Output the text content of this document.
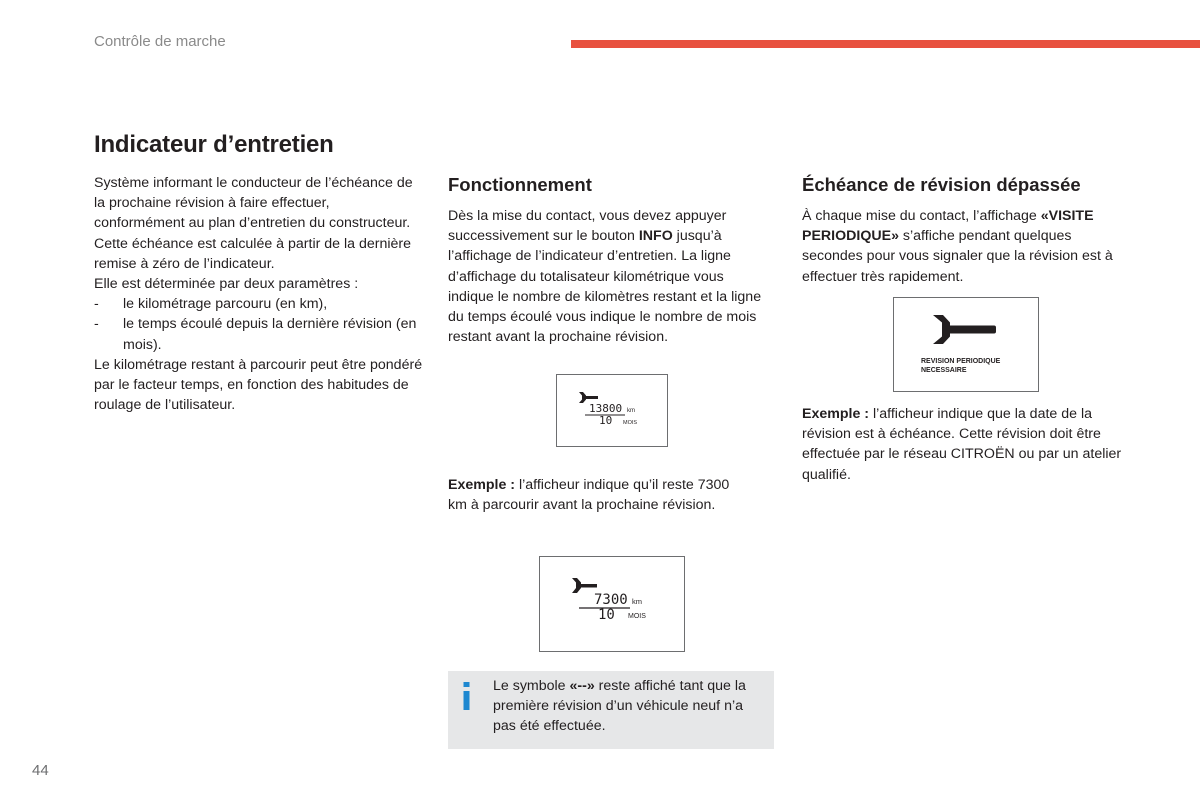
Contrôle de marche
Indicateur d’entretien

Système informant le conducteur de l’échéance de la prochaine révision à faire effectuer, conformément au plan d’entretien du constructeur.

Cette échéance est calculée à partir de la dernière remise à zéro de l’indicateur.

Elle est déterminée par deux paramètres :

-	le kilométrage parcouru (en km),
-	le temps écoulé depuis la dernière révision (en mois).

Le kilométrage restant à parcourir peut être pondéré par le facteur temps, en fonction des habitudes de roulage de l’utilisateur.

Fonctionnement

Dès la mise du contact, vous devez appuyer successivement sur le bouton INFO jusqu’à l’affichage de l’indicateur d’entretien. La ligne d’affichage du totalisateur kilométrique vous indique le nombre de kilomètres restant et la ligne du temps écoulé vous indique le nombre de mois restant avant la prochaine révision.

13800 km
10 MOIS

Exemple : l’afficheur indique qu’il reste 7300 km à parcourir avant la prochaine révision.

7300 km
10 MOIS
Le symbole «--» reste affiché tant que la première révision d’un véhicule neuf n’a pas été effectuée.
Échéance de révision dépassée

À chaque mise du contact, l’affichage «VISITE PERIODIQUE» s’affiche pendant quelques secondes pour vous signaler que la révision est à effectuer très rapidement.

REVISION PERIODIQUE
NECESSAIRE

Exemple : l’afficheur indique que la date de la révision est à échéance. Cette révision doit être effectuée par le réseau CITROËN ou par un atelier qualifié.

44
